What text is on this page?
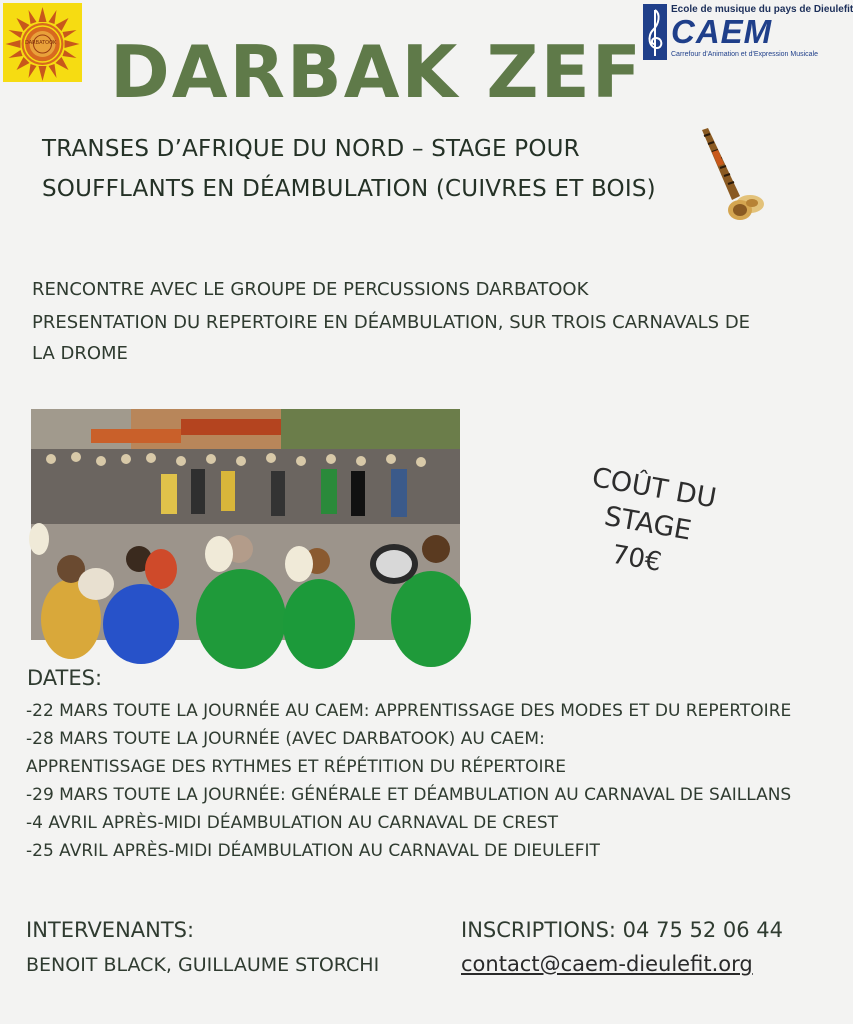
DARBATOOK
Ecole de musique du pays de Dieulefit
CAEM
Carrefour d'Animation et d'Expression Musicale
DARBAK ZEF
TRANSES D’AFRIQUE DU NORD – STAGE POUR
SOUFFLANTS EN DÉAMBULATION (CUIVRES ET BOIS)
RENCONTRE AVEC LE GROUPE DE PERCUSSIONS DARBATOOK
PRESENTATION DU REPERTOIRE EN DÉAMBULATION, SUR TROIS CARNAVALS DE
LA DROME
COÛT DU
STAGE
70€
DATES:
-22 MARS TOUTE LA JOURNÉE AU CAEM: APPRENTISSAGE DES MODES ET DU REPERTOIRE
-28 MARS TOUTE LA JOURNÉE (AVEC DARBATOOK) AU CAEM:
APPRENTISSAGE DES RYTHMES ET RÉPÉTITION DU RÉPERTOIRE
-29 MARS TOUTE LA JOURNÉE: GÉNÉRALE ET DÉAMBULATION AU CARNAVAL DE SAILLANS
-4 AVRIL APRÈS-MIDI DÉAMBULATION AU CARNAVAL DE CREST
-25 AVRIL APRÈS-MIDI DÉAMBULATION AU CARNAVAL DE DIEULEFIT
INTERVENANTS:
BENOIT BLACK, GUILLAUME STORCHI
INSCRIPTIONS: 04 75 52 06 44
contact@caem-dieulefit.org
